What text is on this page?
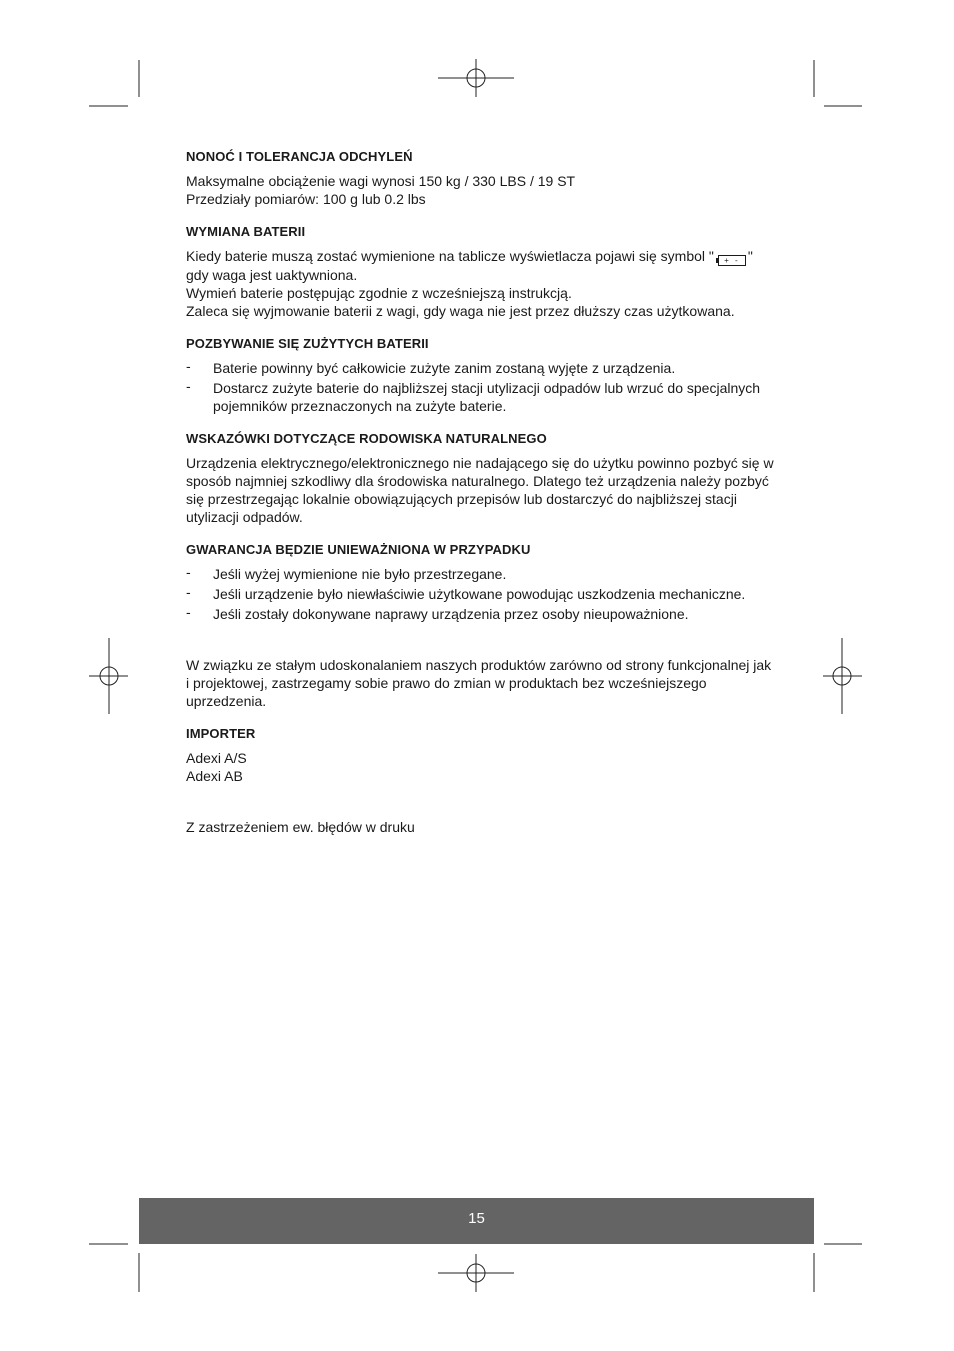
NONOĆ I TOLERANCJA ODCHYLEŃ

Maksymalne obciążenie wagi wynosi 150 kg / 330 LBS / 19 ST

Przedziały pomiarów: 100 g lub 0.2 lbs

WYMIANA BATERII

Kiedy baterie muszą zostać wymienione na tablicze wyświetlacza pojawi się symbol " + - "

gdy waga jest uaktywniona.

Wymień baterie postępując zgodnie z wcześniejszą instrukcją.

Zaleca się wyjmowanie baterii z wagi, gdy waga nie jest przez dłuższy czas użytkowana.

POZBYWANIE SIĘ ZUŻYTYCH BATERII
- Baterie powinny być całkowicie zużyte zanim zostaną wyjęte z urządzenia.
- Dostarcz zużyte baterie do najbliższej stacji utylizacji odpadów lub wrzuć do specjalnych pojemników przeznaczonych na zużyte baterie.
WSKAZÓWKI DOTYCZĄCE RODOWISKA NATURALNEGO

Urządzenia elektrycznego/elektronicznego nie nadającego się do użytku powinno pozbyć się w sposób najmniej szkodliwy dla środowiska naturalnego. Dlatego też urządzenia należy pozbyć się przestrzegając lokalnie obowiązujących przepisów lub dostarczyć do najbliższej stacji utylizacji odpadów.

GWARANCJA BĘDZIE UNIEWAŻNIONA W PRZYPADKU
- Jeśli wyżej wymienione nie było przestrzegane.
- Jeśli urządzenie było niewłaściwie użytkowane powodując uszkodzenia mechaniczne.
- Jeśli zostały dokonywane naprawy urządzenia przez osoby nieupoważnione.

W związku ze stałym udoskonalaniem naszych produktów zarówno od strony funkcjonalnej jak i projektowej, zastrzegamy sobie prawo do zmian w produktach bez wcześniejszego uprzedzenia.

IMPORTER

Adexi A/S

Adexi AB

Z zastrzeżeniem ew. błędów w druku

15
